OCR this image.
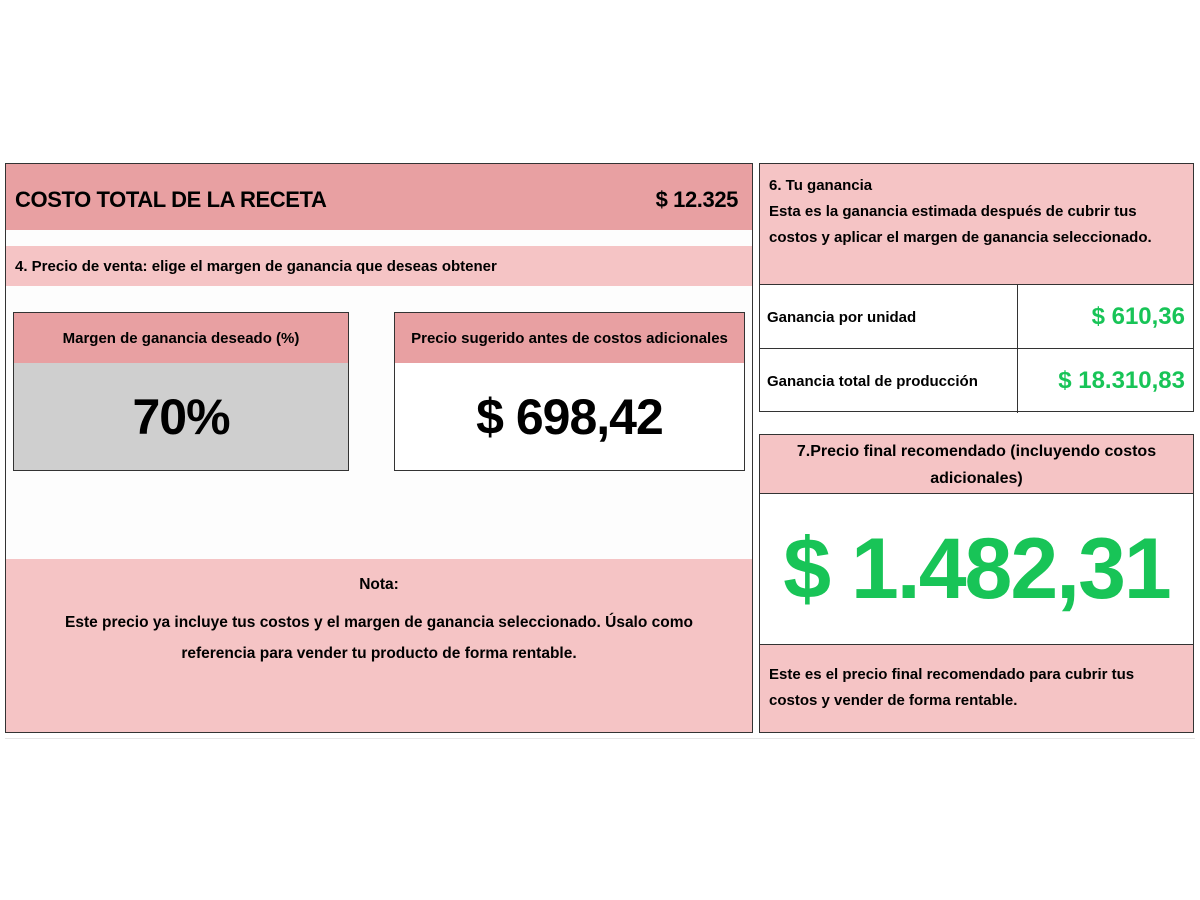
COSTO TOTAL DE LA RECETA	$ 12.325
4. Precio de venta: elige el margen de ganancia que deseas obtener
Margen de ganancia deseado (%)
70%
Precio sugerido antes de costos adicionales
$ 698,42
Nota:
Este precio ya incluye tus costos y el margen de ganancia seleccionado. Úsalo como referencia para vender tu producto de forma rentable.
6. Tu ganancia
Esta es la ganancia estimada después de cubrir tus costos y aplicar el margen de ganancia seleccionado.
Ganancia por unidad	$ 610,36
Ganancia total de producción	$ 18.310,83
7.Precio final recomendado (incluyendo costos adicionales)
$ 1.482,31
Este es el precio final recomendado para cubrir tus costos y vender de forma rentable.
